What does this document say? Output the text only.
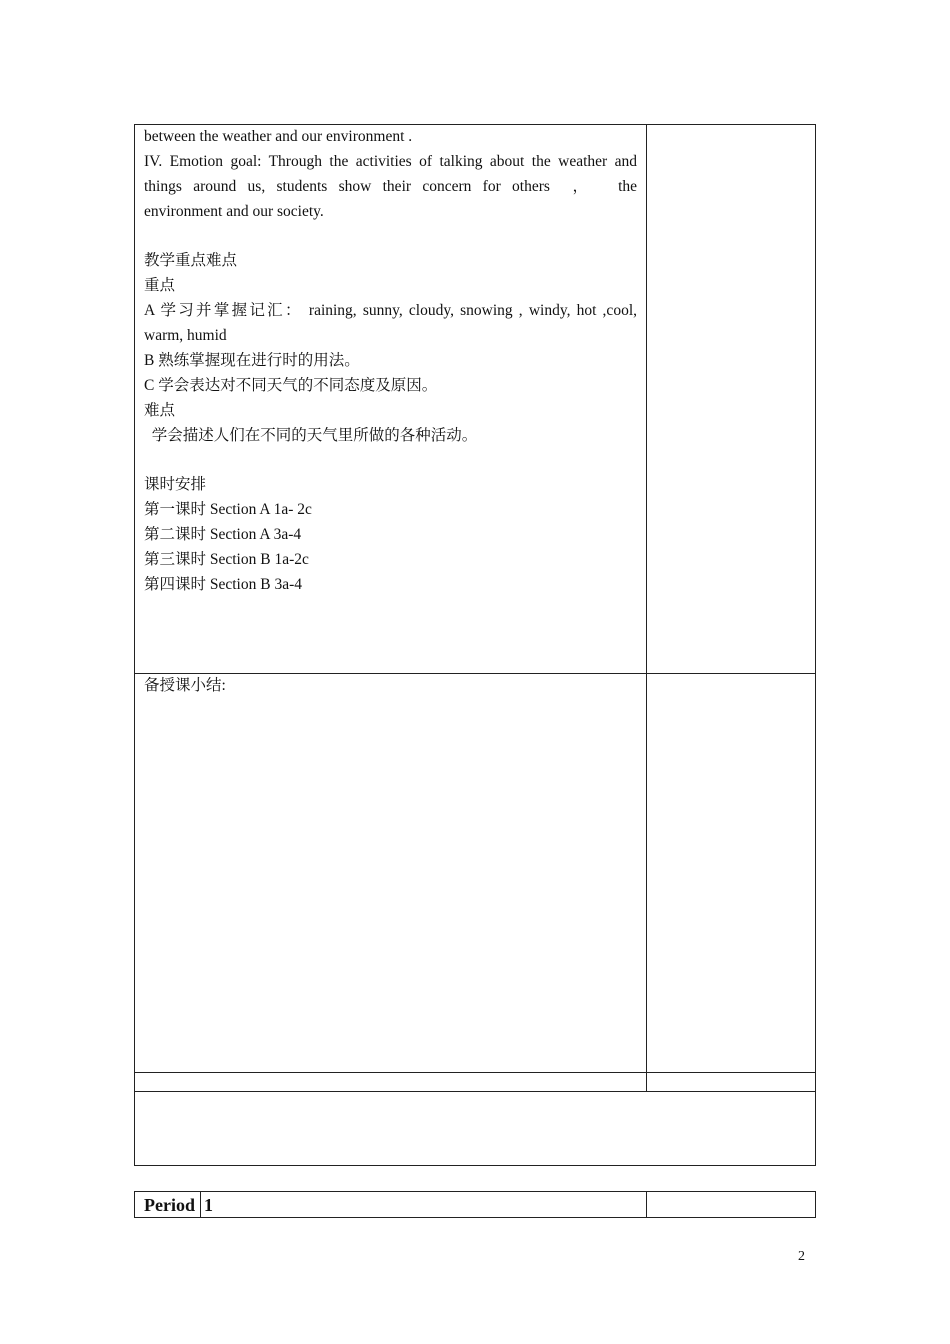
between the weather and our environment .
IV. Emotion goal: Through the activities of talking about the weather and
things around us, students show their concern for others  ，  the
environment and our society.
教学重点难点
重点
A 学习并掌握记汇： raining, sunny, cloudy, snowing , windy, hot ,cool,
warm, humid
B 熟练掌握现在进行时的用法。
C 学会表达对不同天气的不同态度及原因。
难点
学会描述人们在不同的天气里所做的各种活动。
课时安排
第一课时 Section A 1a- 2c
第二课时 Section A 3a-4
第三课时 Section B 1a-2c
第四课时 Section B 3a-4
备授课小结:
Period 1
2
